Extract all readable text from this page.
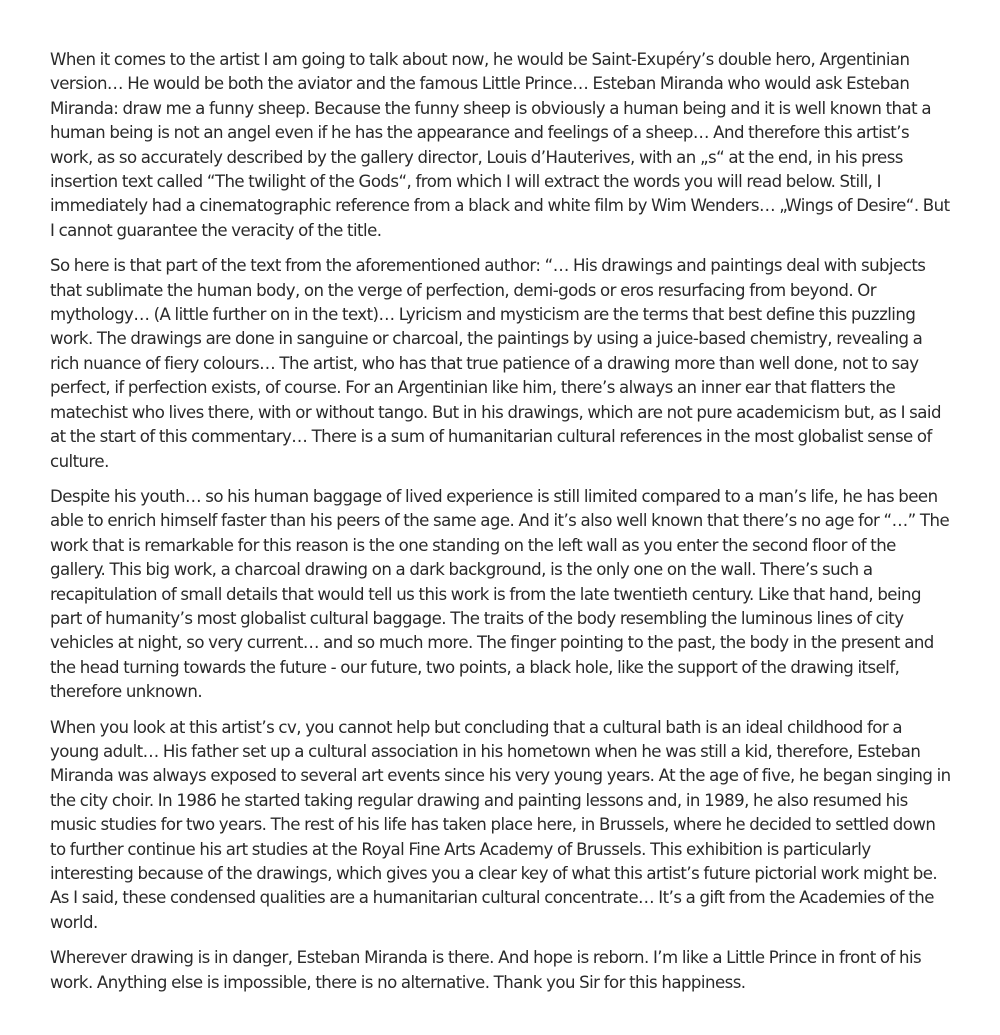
When it comes to the artist I am going to talk about now, he would be Saint-Exupéry’s double hero, Argentinian version… He would be both the aviator and the famous Little Prince… Esteban Miranda who would ask Esteban Miranda: draw me a funny sheep. Because the funny sheep is obviously a human being and it is well known that a human being is not an angel even if he has the appearance and feelings of a sheep… And therefore this artist’s work, as so accurately described by the gallery director, Louis d’Hauterives, with an „s“ at the end, in his press insertion text called “The twilight of the Gods“, from which I will extract the words you will read below. Still, I immediately had a cinematographic reference from a black and white film by Wim Wenders… „Wings of Desire“. But I cannot guarantee the veracity of the title.

So here is that part of the text from the aforementioned author: “… His drawings and paintings deal with subjects that sublimate the human body, on the verge of perfection, demi-gods or eros resurfacing from beyond. Or mythology… (A little further on in the text)… Lyricism and mysticism are the terms that best define this puzzling work. The drawings are done in sanguine or charcoal, the paintings by using a juice-based chemistry, revealing a rich nuance of fiery colours… The artist, who has that true patience of a drawing more than well done, not to say perfect, if perfection exists, of course. For an Argentinian like him, there’s always an inner ear that flatters the matechist who lives there, with or without tango. But in his drawings, which are not pure academicism but, as I said at the start of this commentary… There is a sum of humanitarian cultural references in the most globalist sense of culture.

Despite his youth… so his human baggage of lived experience is still limited compared to a man’s life, he has been able to enrich himself faster than his peers of the same age. And it’s also well known that there’s no age for “…” The work that is remarkable for this reason is the one standing on the left wall as you enter the second floor of the gallery. This big work, a charcoal drawing on a dark background, is the only one on the wall. There’s such a recapitulation of small details that would tell us this work is from the late twentieth century. Like that hand, being part of humanity’s most globalist cultural baggage. The traits of the body resembling the luminous lines of city vehicles at night, so very current… and so much more. The finger pointing to the past, the body in the present and the head turning towards the future - our future, two points, a black hole, like the support of the drawing itself, therefore unknown.

When you look at this artist’s cv, you cannot help but concluding that a cultural bath is an ideal childhood for a young adult… His father set up a cultural association in his hometown when he was still a kid, therefore, Esteban Miranda was always exposed to several art events since his very young years. At the age of five, he began singing in the city choir. In 1986 he started taking regular drawing and painting lessons and, in 1989, he also resumed his music studies for two years. The rest of his life has taken place here, in Brussels, where he decided to settled down to further continue his art studies at the Royal Fine Arts Academy of Brussels. This exhibition is particularly interesting because of the drawings, which gives you a clear key of what this artist’s future pictorial work might be. As I said, these condensed qualities are a humanitarian cultural concentrate… It’s a gift from the Academies of the world.

Wherever drawing is in danger, Esteban Miranda is there. And hope is reborn. I’m like a Little Prince in front of his work. Anything else is impossible, there is no alternative. Thank you Sir for this happiness.
